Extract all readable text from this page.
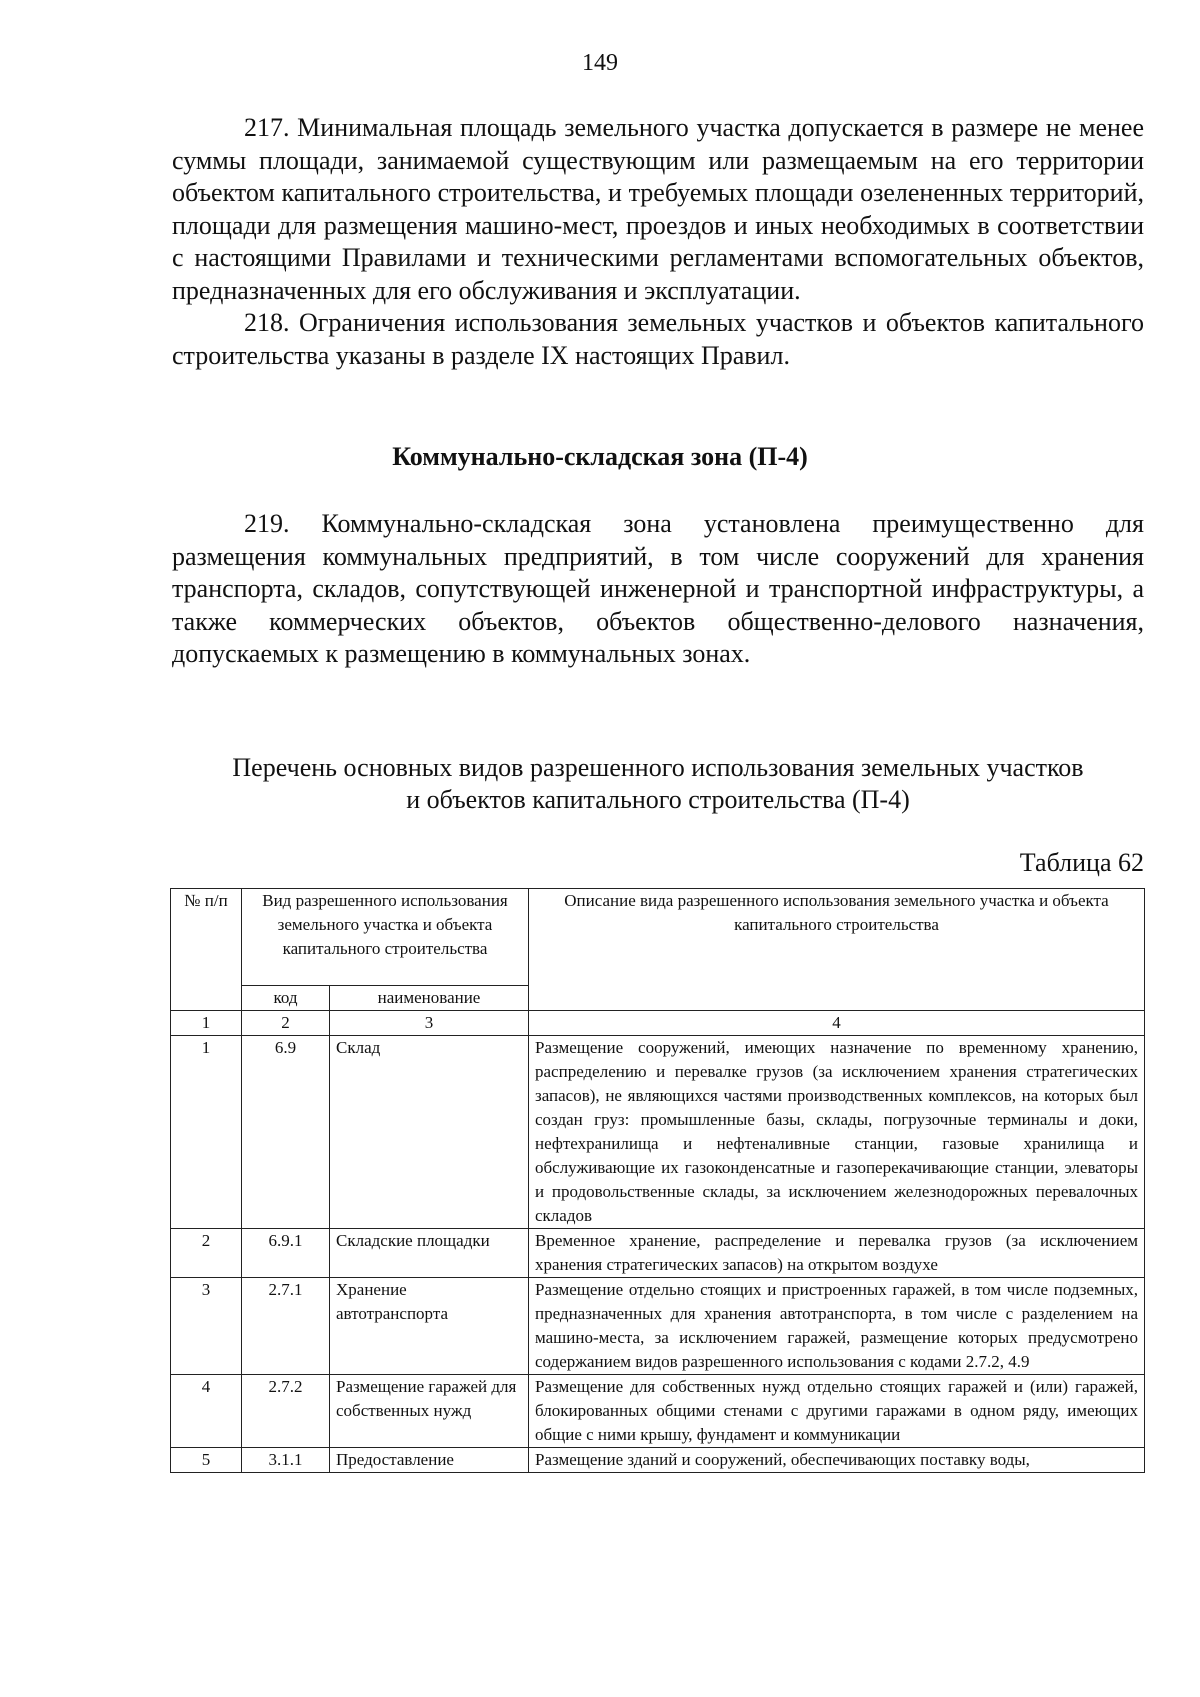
149

217. Минимальная площадь земельного участка допускается в размере не менее суммы площади, занимаемой существующим или размещаемым на его территории объектом капитального строительства, и требуемых площади озелененных территорий, площади для размещения машино-мест, проездов и иных необходимых в соответствии с настоящими Правилами и техническими регламентами вспомогательных объектов, предназначенных для его обслуживания и эксплуатации.

218. Ограничения использования земельных участков и объектов капитального строительства указаны в разделе IX настоящих Правил.

Коммунально-складская зона (П-4)

219. Коммунально-складская зона установлена преимущественно для размещения коммунальных предприятий, в том числе сооружений для хранения транспорта, складов, сопутствующей инженерной и транспортной инфраструктуры, а также коммерческих объектов, объектов общественно-делового назначения, допускаемых к размещению в коммунальных зонах.

Перечень основных видов разрешенного использования земельных участков
и объектов капитального строительства (П-4)
Таблица 62
№ п/п	Вид разрешенного использования земельного участка и объекта капитального строительства		Описание вида разрешенного использования земельного участка и объекта капитального строительства
	код	наименование	
1	2	3	4
1	6.9	Склад	Размещение сооружений, имеющих назначение по временному хранению, распределению и перевалке грузов (за исключением хранения стратегических запасов), не являющихся частями производственных комплексов, на которых был создан груз: промышленные базы, склады, погрузочные терминалы и доки, нефтехранилища и нефтеналивные станции, газовые хранилища и обслуживающие их газоконденсатные и газоперекачивающие станции, элеваторы и продовольственные склады, за исключением железнодорожных перевалочных складов
2	6.9.1	Складские площадки	Временное хранение, распределение и перевалка грузов (за исключением хранения стратегических запасов) на открытом воздухе
3	2.7.1	Хранение автотранспорта	Размещение отдельно стоящих и пристроенных гаражей, в том числе подземных, предназначенных для хранения автотранспорта, в том числе с разделением на машино-места, за исключением гаражей, размещение которых предусмотрено содержанием видов разрешенного использования с кодами 2.7.2, 4.9
4	2.7.2	Размещение гаражей для собственных нужд	Размещение для собственных нужд отдельно стоящих гаражей и (или) гаражей, блокированных общими стенами с другими гаражами в одном ряду, имеющих общие с ними крышу, фундамент и коммуникации
5	3.1.1	Предоставление	Размещение зданий и сооружений, обеспечивающих поставку воды,
